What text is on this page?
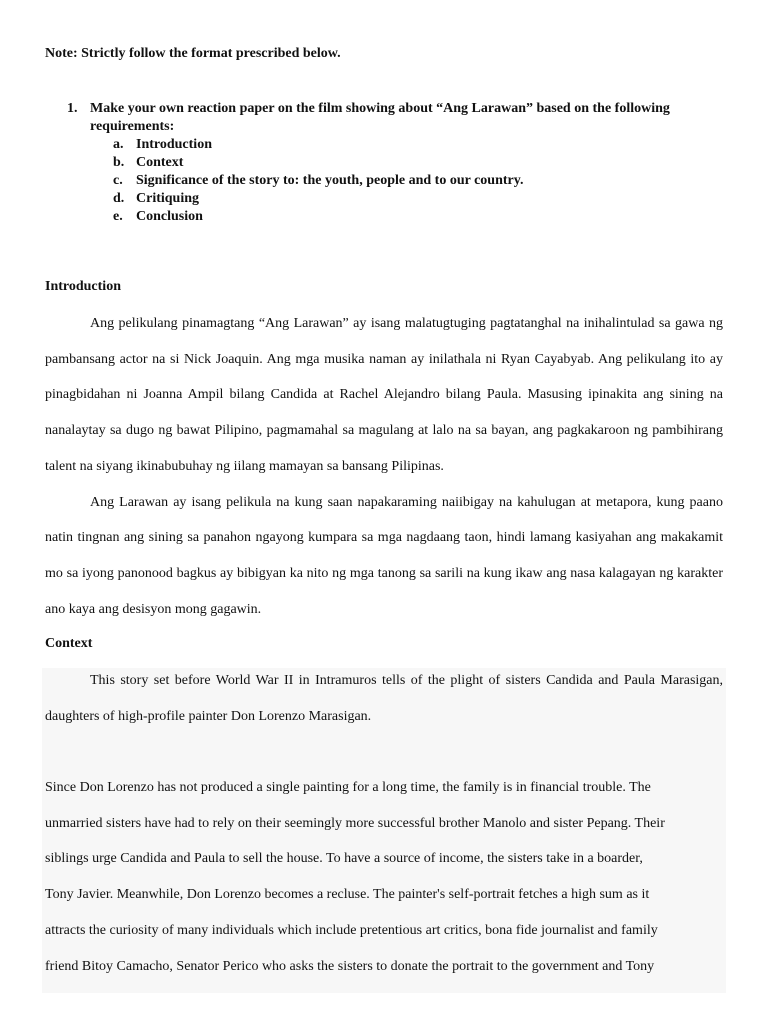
Note: Strictly follow the format prescribed below.
1. Make your own reaction paper on the film showing about “Ang Larawan” based on the following requirements:
a. Introduction
b. Context
c. Significance of the story to: the youth, people and to our country.
d. Critiquing
e. Conclusion
Introduction

Ang pelikulang pinamagtang “Ang Larawan” ay isang malatugtuging pagtatanghal na inihalintulad sa gawa ng pambansang actor na si Nick Joaquin. Ang mga musika naman ay inilathala ni Ryan Cayabyab. Ang pelikulang ito ay pinagbidahan ni Joanna Ampil bilang Candida at Rachel Alejandro bilang Paula. Masusing ipinakita ang sining na nanalaytay sa dugo ng bawat Pilipino, pagmamahal sa magulang at lalo na sa bayan, ang pagkakaroon ng pambihirang talent na siyang ikinabubuhay ng iilang mamayan sa bansang Pilipinas.

Ang Larawan ay isang pelikula na kung saan napakaraming naiibigay na kahulugan at metapora, kung paano natin tingnan ang sining sa panahon ngayong kumpara sa mga nagdaang taon, hindi lamang kasiyahan ang makakamit mo sa iyong panonood bagkus ay bibigyan ka nito ng mga tanong sa sarili na kung ikaw ang nasa kalagayan ng karakter ano kaya ang desisyon mong gagawin.

Context

This story set before World War II in Intramuros tells of the plight of sisters Candida and Paula Marasigan, daughters of high-profile painter Don Lorenzo Marasigan.

Since Don Lorenzo has not produced a single painting for a long time, the family is in financial trouble. The

unmarried sisters have had to rely on their seemingly more successful brother Manolo and sister Pepang. Their

siblings urge Candida and Paula to sell the house. To have a source of income, the sisters take in a boarder,

Tony Javier. Meanwhile, Don Lorenzo becomes a recluse. The painter's self-portrait fetches a high sum as it

attracts the curiosity of many individuals which include pretentious art critics, bona fide journalist and family

friend Bitoy Camacho, Senator Perico who asks the sisters to donate the portrait to the government and Tony
